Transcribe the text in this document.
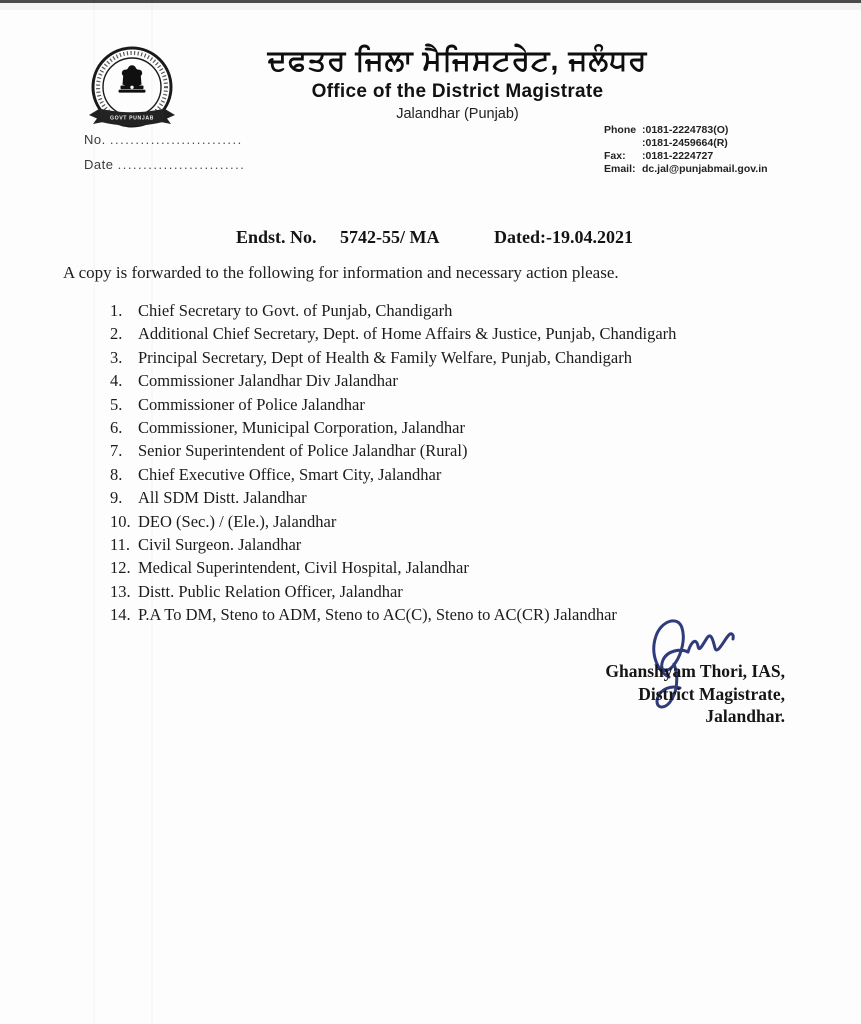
GOVT PUNJAB
ਦਫਤਰ ਜਿਲਾ ਮੈਜਿਸਟਰੇਟ, ਜਲੰਧਰ
Office of the District Magistrate
Jalandhar (Punjab)
No. ..........................
Date .........................
Phone :0181-2224783(O)
:0181-2459664(R)
Fax:	:0181-2224727
Email: dc.jal@punjabmail.gov.in
Endst. No. 5742-55/ MA	Dated:-19.04.2021
A copy is forwarded to the following for information and necessary action please.
1. Chief Secretary to Govt. of Punjab, Chandigarh
2. Additional Chief Secretary, Dept. of Home Affairs & Justice, Punjab, Chandigarh
3. Principal Secretary, Dept of Health & Family Welfare, Punjab, Chandigarh
4. Commissioner Jalandhar Div Jalandhar
5. Commissioner of Police Jalandhar
6. Commissioner, Municipal Corporation, Jalandhar
7. Senior Superintendent of Police Jalandhar (Rural)
8. Chief Executive Office, Smart City, Jalandhar
9. All SDM Distt. Jalandhar
10. DEO (Sec.) / (Ele.), Jalandhar
11. Civil Surgeon. Jalandhar
12. Medical Superintendent, Civil Hospital, Jalandhar
13. Distt. Public Relation Officer, Jalandhar
14. P.A To DM, Steno to ADM, Steno to AC(C), Steno to AC(CR) Jalandhar
Ghanshyam Thori, IAS,
District Magistrate,
Jalandhar.
